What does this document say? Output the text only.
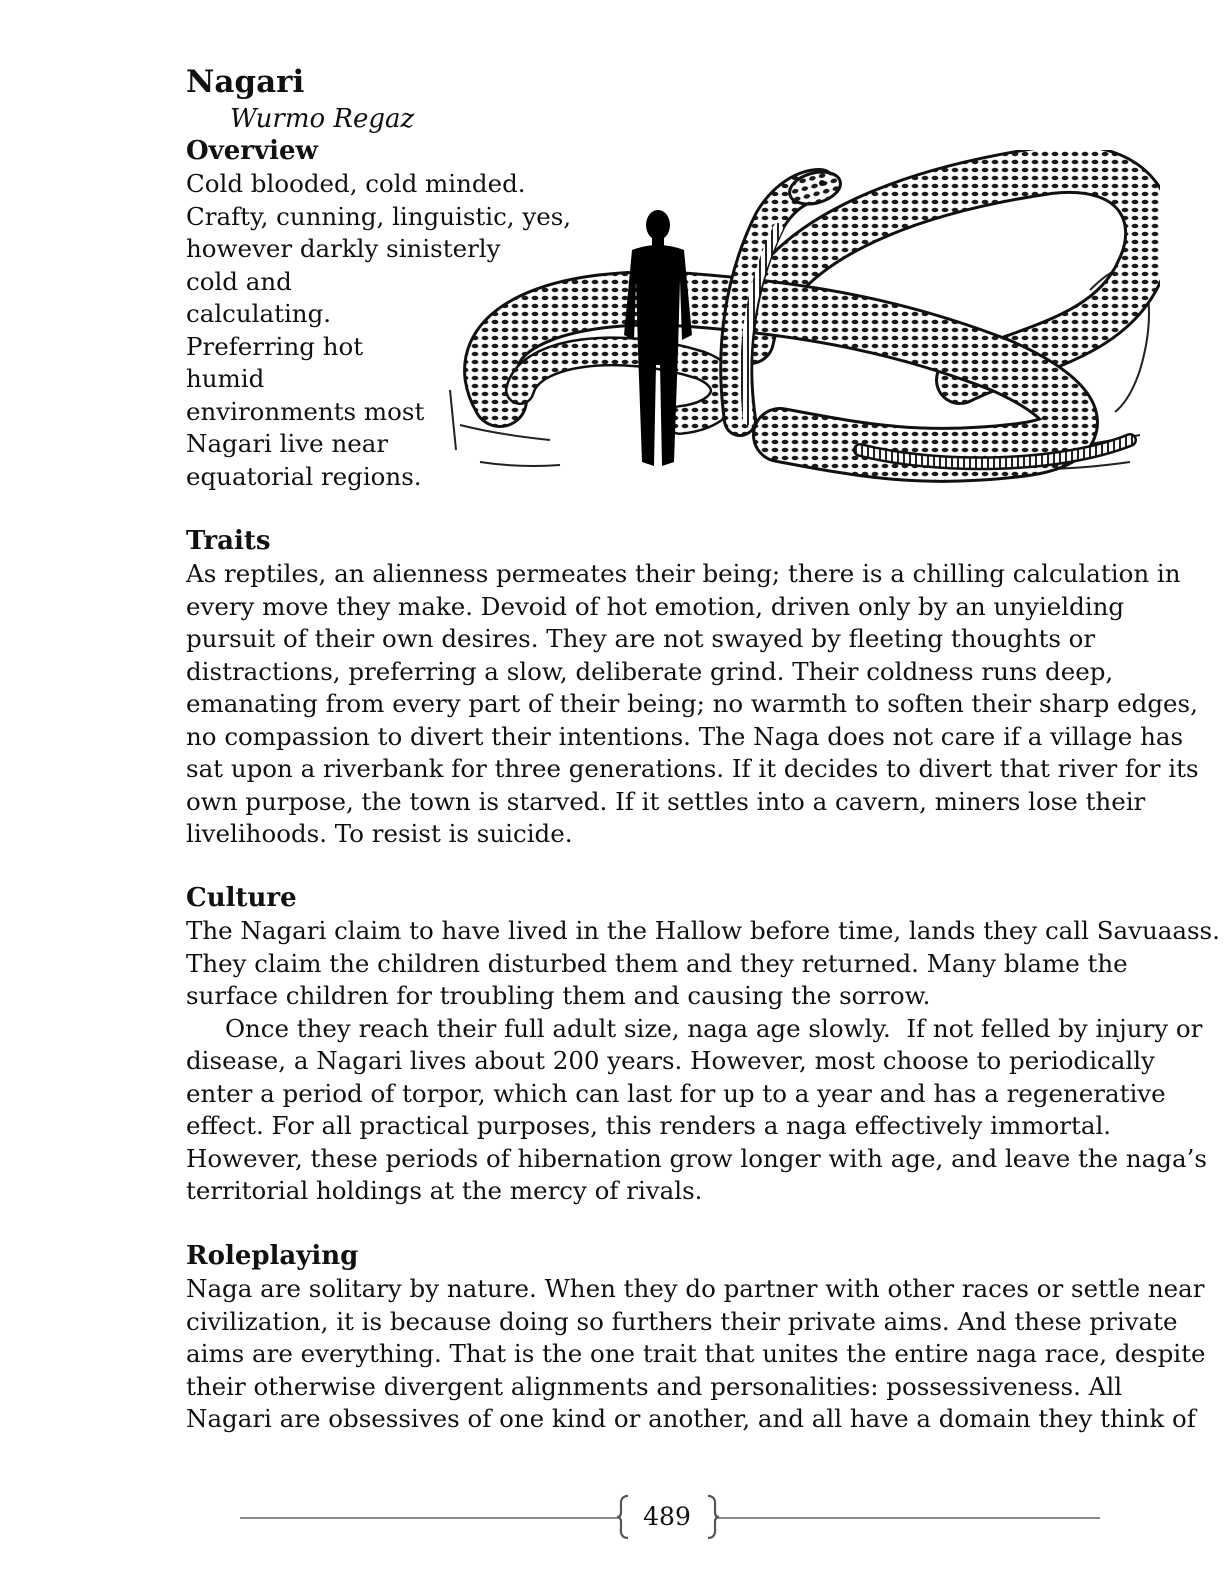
Nagari
Wurmo Regaz
Overview
Cold blooded, cold minded.
Crafty, cunning, linguistic, yes,
however darkly sinisterly
cold and
calculating.
Preferring hot
humid
environments most
Nagari live near
equatorial regions.
Traits
As reptiles, an alienness permeates their being; there is a chilling calculation in
every move they make. Devoid of hot emotion, driven only by an unyielding
pursuit of their own desires. They are not swayed by fleeting thoughts or
distractions, preferring a slow, deliberate grind. Their coldness runs deep,
emanating from every part of their being; no warmth to soften their sharp edges,
no compassion to divert their intentions. The Naga does not care if a village has
sat upon a riverbank for three generations. If it decides to divert that river for its
own purpose, the town is starved. If it settles into a cavern, miners lose their
livelihoods. To resist is suicide.
Culture
The Nagari claim to have lived in the Hallow before time, lands they call Savuaass.
They claim the children disturbed them and they returned. Many blame the
surface children for troubling them and causing the sorrow.
Once they reach their full adult size, naga age slowly.  If not felled by injury or
disease, a Nagari lives about 200 years. However, most choose to periodically
enter a period of torpor, which can last for up to a year and has a regenerative
effect. For all practical purposes, this renders a naga effectively immortal.
However, these periods of hibernation grow longer with age, and leave the naga’s
territorial holdings at the mercy of rivals.
Roleplaying
Naga are solitary by nature. When they do partner with other races or settle near
civilization, it is because doing so furthers their private aims. And these private
aims are everything. That is the one trait that unites the entire naga race, despite
their otherwise divergent alignments and personalities: possessiveness. All
Nagari are obsessives of one kind or another, and all have a domain they think of
489
